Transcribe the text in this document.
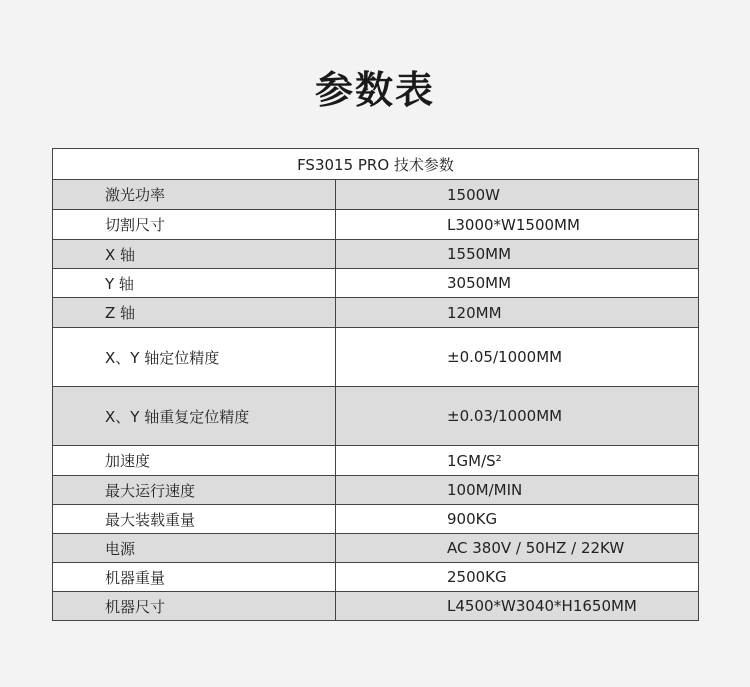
参数表
FS3015 PRO 技术参数	
激光功率	1500W
切割尺寸	L3000*W1500MM
X 轴	1550MM
Y 轴	3050MM
Z 轴	120MM
X、Y 轴定位精度	±0.05/1000MM
X、Y 轴重复定位精度	±0.03/1000MM
加速度	1GM/S²
最大运行速度	100M/MIN
最大装载重量	900KG
电源	AC 380V / 50HZ / 22KW
机器重量	2500KG
机器尺寸	L4500*W3040*H1650MM
